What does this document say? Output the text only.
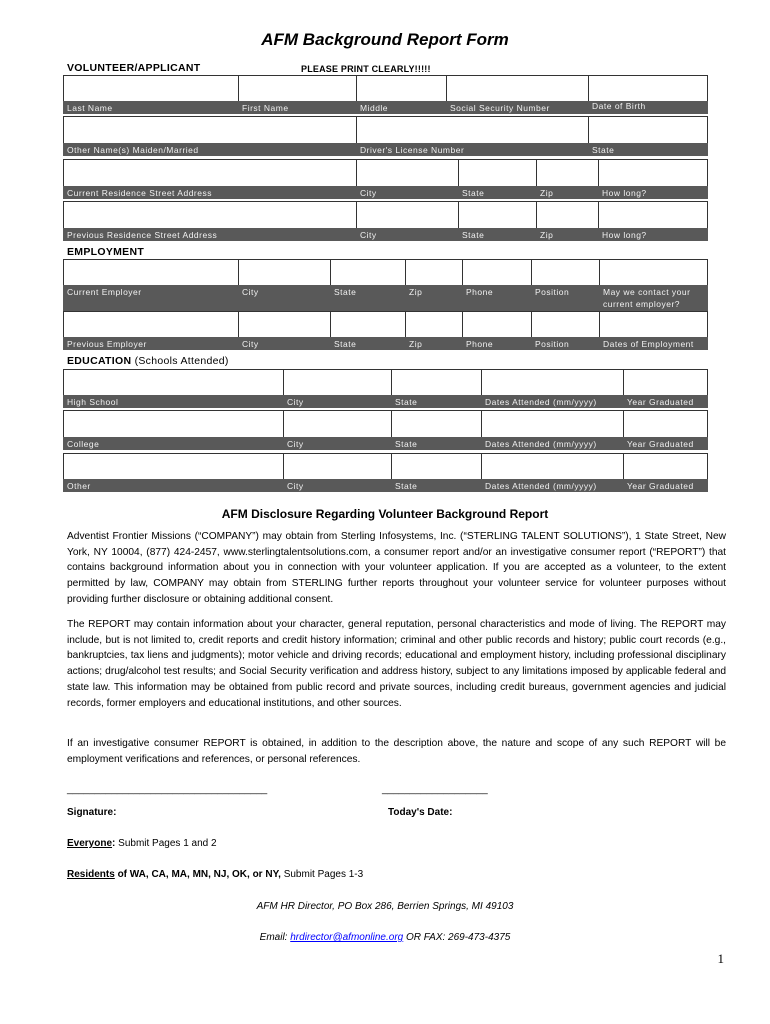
AFM Background Report Form
VOLUNTEER/APPLICANT	PLEASE PRINT CLEARLY!!!!!
Last Name	First Name	Middle	Social Security Number	Date of Birth
Other Name(s) Maiden/Married	Driver's License Number	State
Current Residence Street Address	City	State	Zip	How long?
Previous Residence Street Address	City	State	Zip	How long?
EMPLOYMENT
Current Employer	City	State	Zip	Phone	Position	May we contact your current employer?
Previous Employer	City	State	Zip	Phone	Position	Dates of Employment
EDUCATION (Schools Attended)
High School	City	State	Dates Attended (mm/yyyy)	Year Graduated
College	City	State	Dates Attended (mm/yyyy)	Year Graduated
Other	City	State	Dates Attended (mm/yyyy)	Year Graduated
AFM Disclosure Regarding Volunteer Background Report
Adventist Frontier Missions (“COMPANY”) may obtain from Sterling Infosystems, Inc. (“STERLING TALENT SOLUTIONS”), 1 State Street, New York, NY 10004, (877) 424-2457, www.sterlingtalentsolutions.com, a consumer report and/or an investigative consumer report (“REPORT”) that contains background information about you in connection with your volunteer application. If you are accepted as a volunteer, to the extent permitted by law, COMPANY may obtain from STERLING further reports throughout your volunteer service for volunteer purposes without providing further disclosure or obtaining additional consent.
The REPORT may contain information about your character, general reputation, personal characteristics and mode of living. The REPORT may include, but is not limited to, credit reports and credit history information; criminal and other public records and history; public court records (e.g., bankruptcies, tax liens and judgments); motor vehicle and driving records; educational and employment history, including professional disciplinary actions; drug/alcohol test results; and Social Security verification and address history, subject to any limitations imposed by applicable federal and state law. This information may be obtained from public record and private sources, including credit bureaus, government agencies and judicial records, former employers and educational institutions, and other sources.
If an investigative consumer REPORT is obtained, in addition to the description above, the nature and scope of any such REPORT will be employment verifications and references, or personal references.
____________________________________	___________________
Signature:	Today's Date:
Everyone: Submit Pages 1 and 2
Residents of WA, CA, MA, MN, NJ, OK, or NY, Submit Pages 1-3
AFM HR Director, PO Box 286, Berrien Springs, MI 49103
Email: hrdirector@afmonline.org OR FAX: 269-473-4375
1
